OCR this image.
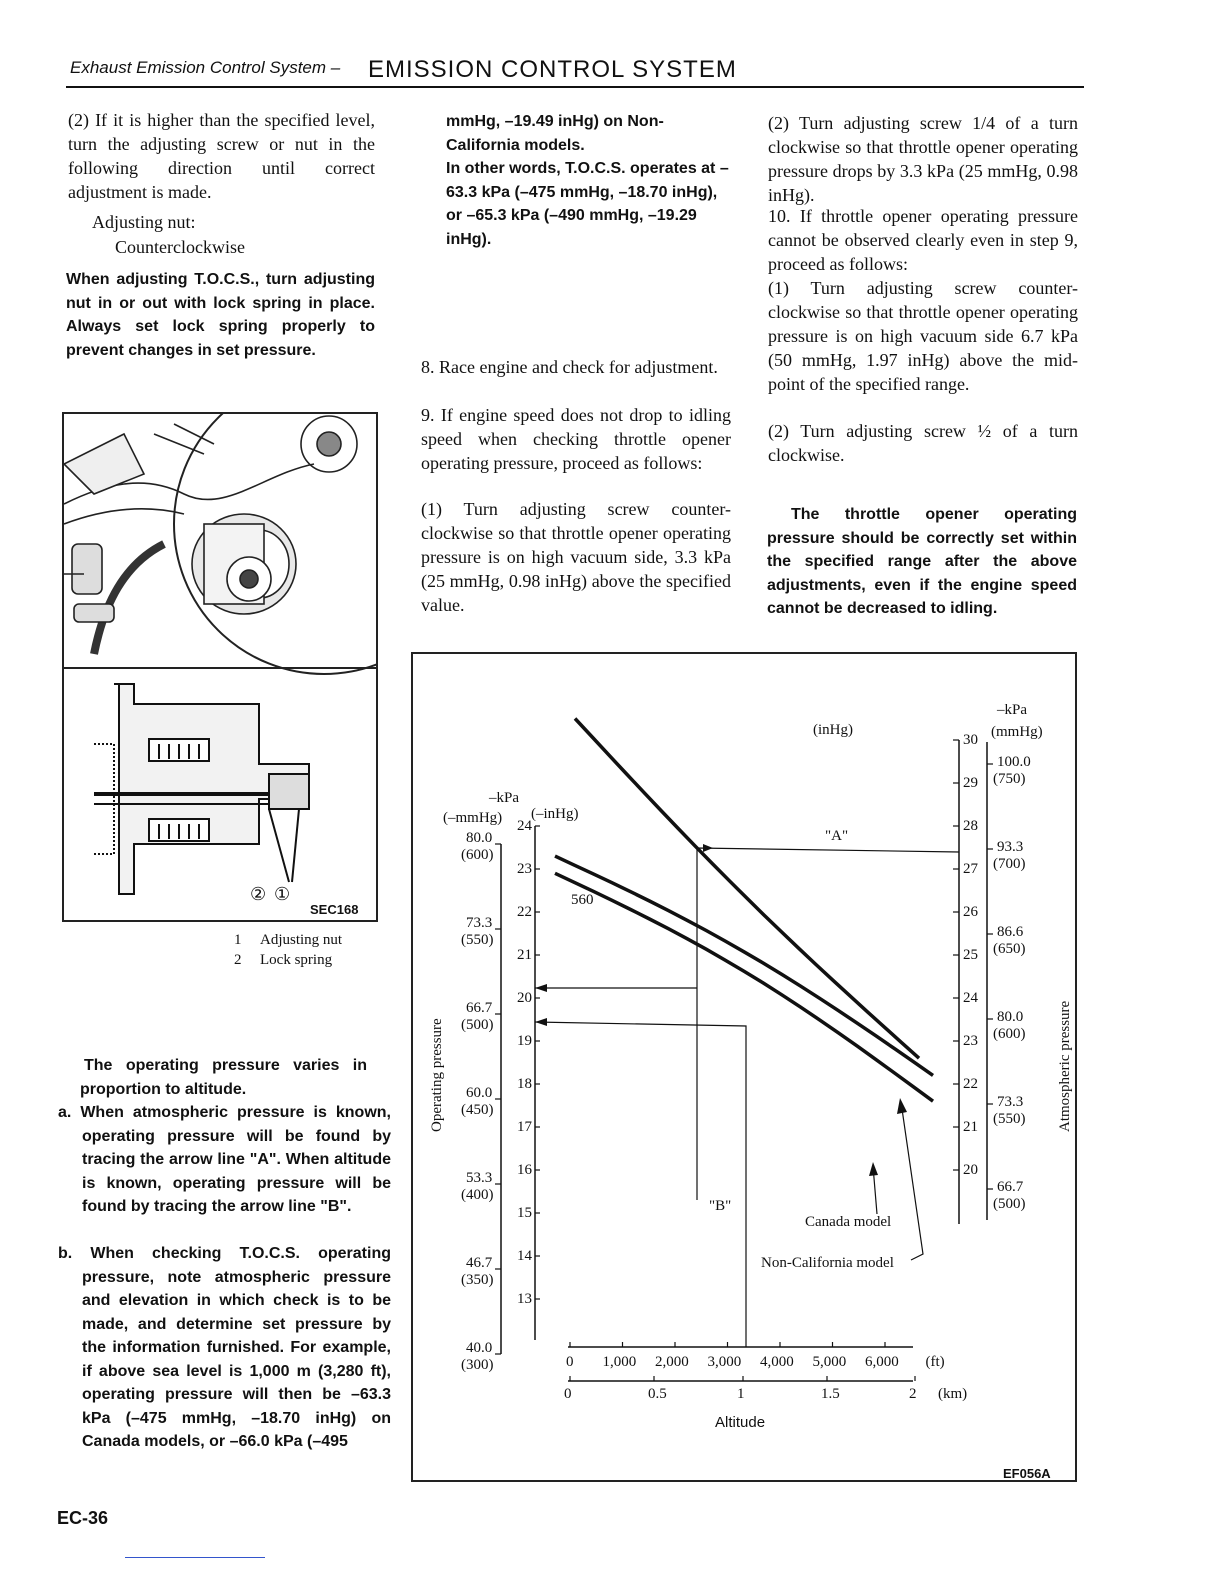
Exhaust Emission Control System – EMISSION CONTROL SYSTEM
(2) If it is higher than the specified level, turn the adjusting screw or nut in the following direction until correct adjustment is made.
Adjusting nut:
Counterclockwise
When adjusting T.O.C.S., turn adjusting nut in or out with lock spring in place. Always set lock spring properly to prevent changes in set pressure.
② ①
SEC168
1 Adjusting nut
2 Lock spring
The operating pressure varies in proportion to altitude.
a. When atmospheric pressure is known, operating pressure will be found by tracing the arrow line "A". When altitude is known, operating pressure will be found by tracing the arrow line "B".
b. When checking T.O.C.S. operating pressure, note atmospheric pressure and elevation in which check is to be made, and determine set pressure by the information furnished. For example, if above sea level is 1,000 m (3,280 ft), operating pressure will then be –63.3 kPa (–475 mmHg, –18.70 inHg) on Canada models, or –66.0 kPa (–495
EC-36
mmHg, –19.49 inHg) on Non-California models.
In other words, T.O.C.S. operates at –63.3 kPa (–475 mmHg, –18.70 inHg), or –65.3 kPa (–490 mmHg, –19.29 inHg).
8. Race engine and check for adjustment.
9. If engine speed does not drop to idling speed when checking throttle opener operating pressure, proceed as follows:
(1) Turn adjusting screw counter-clockwise so that throttle opener operating pressure is on high vacuum side, 3.3 kPa (25 mmHg, 0.98 inHg) above the specified value.
(2) Turn adjusting screw 1/4 of a turn clockwise so that throttle opener operating pressure drops by 3.3 kPa (25 mmHg, 0.98 inHg).
10. If throttle opener operating pressure cannot be observed clearly even in step 9, proceed as follows:
(1) Turn adjusting screw counter-clockwise so that throttle opener operating pressure is on high vacuum side 6.7 kPa (50 mmHg, 1.97 inHg) above the mid-point of the specified range.
(2) Turn adjusting screw ½ of a turn clockwise.
The throttle opener operating pressure should be correctly set within the specified range after the above adjustments, even if the engine speed cannot be decreased to idling.
(inHg)
–kPa
(mmHg)
–kPa
(–mmHg) (–inHg)
"A"
"B"
560
Canada model
Non-California model
Operating pressure	Atmospheric pressure
Altitude
EF056A
24
23
22
21
20
19
18
17
16
15
14
13
80.0
(600)
73.3
(550)
66.7
(500)
60.0
(450)
53.3
(400)
46.7
(350)
40.0
(300)
30
29
28
27
26
25
24
23
22
21
20
100.0
(750)
93.3
(700)
86.6
(650)
80.0
(600)
73.3
(550)
66.7
(500)
0 1,000 2,000 3,000 4,000 5,000 6,000 (ft)
0	0.5	1	1.5	2 (km)
